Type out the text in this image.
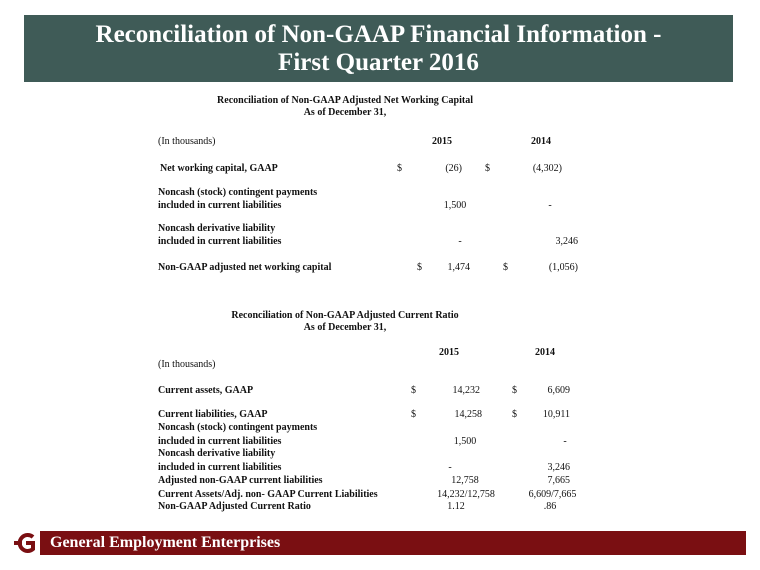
Reconciliation of Non-GAAP Financial Information -
First Quarter 2016
Reconciliation of Non-GAAP Adjusted Net Working Capital
As of December 31,
(In thousands)	2015	2014
Net working capital, GAAP	$	(26) $	(4,302)
Noncash (stock) contingent payments
included in current liabilities	1,500	-
Noncash derivative liability
included in current liabilities	-	3,246
Non-GAAP adjusted net working capital	$	1,474	$	(1,056)
Reconciliation of Non-GAAP Adjusted Current Ratio
As of December 31,
2015	2014
(In thousands)
Current assets, GAAP	$	14,232	$	6,609
Current liabilities, GAAP	$	14,258	$	10,911
Noncash (stock) contingent payments
included in current liabilities	1,500	-
Noncash derivative liability
included in current liabilities	-	3,246
Adjusted non-GAAP current liabilities	12,758	7,665
Current Assets/Adj. non- GAAP Current Liabilities	14,232/12,758	6,609/7,665
Non-GAAP Adjusted Current Ratio	1.12	.86
General Employment Enterprises
